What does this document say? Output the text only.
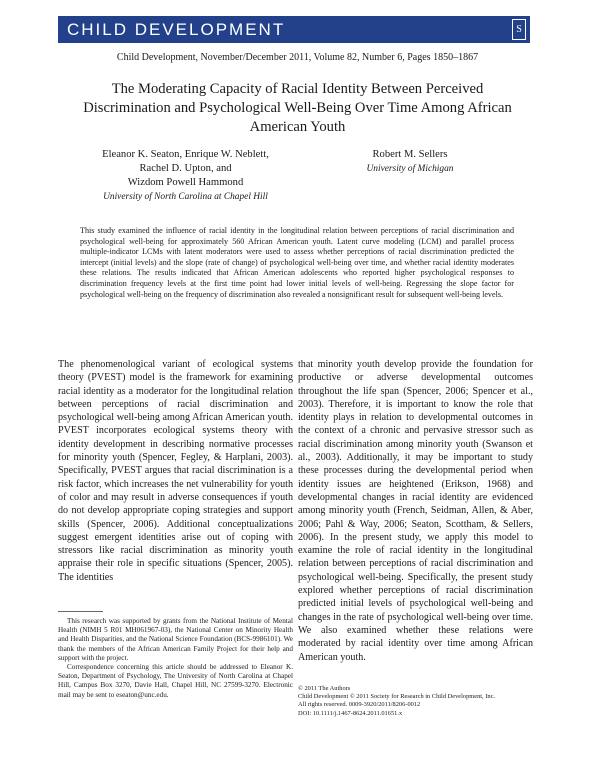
CHILD DEVELOPMENT	S
Child Development, November/December 2011, Volume 82, Number 6, Pages 1850–1867
The Moderating Capacity of Racial Identity Between Perceived Discrimination and Psychological Well-Being Over Time Among African American Youth
Eleanor K. Seaton, Enrique W. Neblett,
Rachel D. Upton, and
Wizdom Powell Hammond
University of North Carolina at Chapel Hill
Robert M. Sellers
University of Michigan
This study examined the influence of racial identity in the longitudinal relation between perceptions of racial discrimination and psychological well-being for approximately 560 African American youth. Latent curve modeling (LCM) and parallel process multiple-indicator LCMs with latent moderators were used to assess whether perceptions of racial discrimination predicted the intercept (initial levels) and the slope (rate of change) of psychological well-being over time, and whether racial identity moderates these relations. The results indicated that African American adolescents who reported higher psychological responses to discrimination frequency levels at the first time point had lower initial levels of well-being. Regressing the slope factor for psychological well-being on the frequency of discrimination also revealed a nonsignificant result for subsequent well-being levels.
The phenomenological variant of ecological systems theory (PVEST) model is the framework for examining racial identity as a moderator for the longitudinal relation between perceptions of racial discrimination and psychological well-being among African American youth. PVEST incorporates ecological systems theory with identity development in describing normative processes for minority youth (Spencer, Fegley, & Harplani, 2003). Specifically, PVEST argues that racial discrimination is a risk factor, which increases the net vulnerability for youth of color and may result in adverse consequences if youth do not develop appropriate coping strategies and support skills (Spencer, 2006). Additional conceptualizations suggest emergent identities arise out of coping with stressors like racial discrimination as minority youth appraise their role in specific situations (Spencer, 2005). The identities
that minority youth develop provide the foundation for productive or adverse developmental outcomes throughout the life span (Spencer, 2006; Spencer et al., 2003). Therefore, it is important to know the role that identity plays in relation to developmental outcomes in the context of a chronic and pervasive stressor such as racial discrimination among minority youth (Swanson et al., 2003). Additionally, it may be important to study these processes during the developmental period when identity issues are heightened (Erikson, 1968) and developmental changes in racial identity are evidenced among minority youth (French, Seidman, Allen, & Aber, 2006; Pahl & Way, 2006; Seaton, Scottham, & Sellers, 2006). In the present study, we apply this model to examine the role of racial identity in the longitudinal relation between perceptions of racial discrimination and psychological well-being. Specifically, the present study explored whether perceptions of racial discrimination predicted initial levels of psychological well-being and changes in the rate of psychological well-being over time. We also examined whether these relations were moderated by racial identity over time among African American youth.

This research was supported by grants from the National Institute of Mental Health (NIMH 5 R01 MH061967-03), the National Center on Minority Health and Health Disparities, and the National Science Foundation (BCS-9986101). We thank the members of the African American Family Project for their help and support with the project.

Correspondence concerning this article should be addressed to Eleanor K. Seaton, Department of Psychology, The University of North Carolina at Chapel Hill, Campus Box 3270, Davie Hall, Chapel Hill, NC 27599-3270. Electronic mail may be sent to eseaton@unc.edu.

© 2011 The Authors
Child Development © 2011 Society for Research in Child Development, Inc.
All rights reserved. 0009-3920/2011/8206-0012
DOI: 10.1111/j.1467-8624.2011.01651.x
